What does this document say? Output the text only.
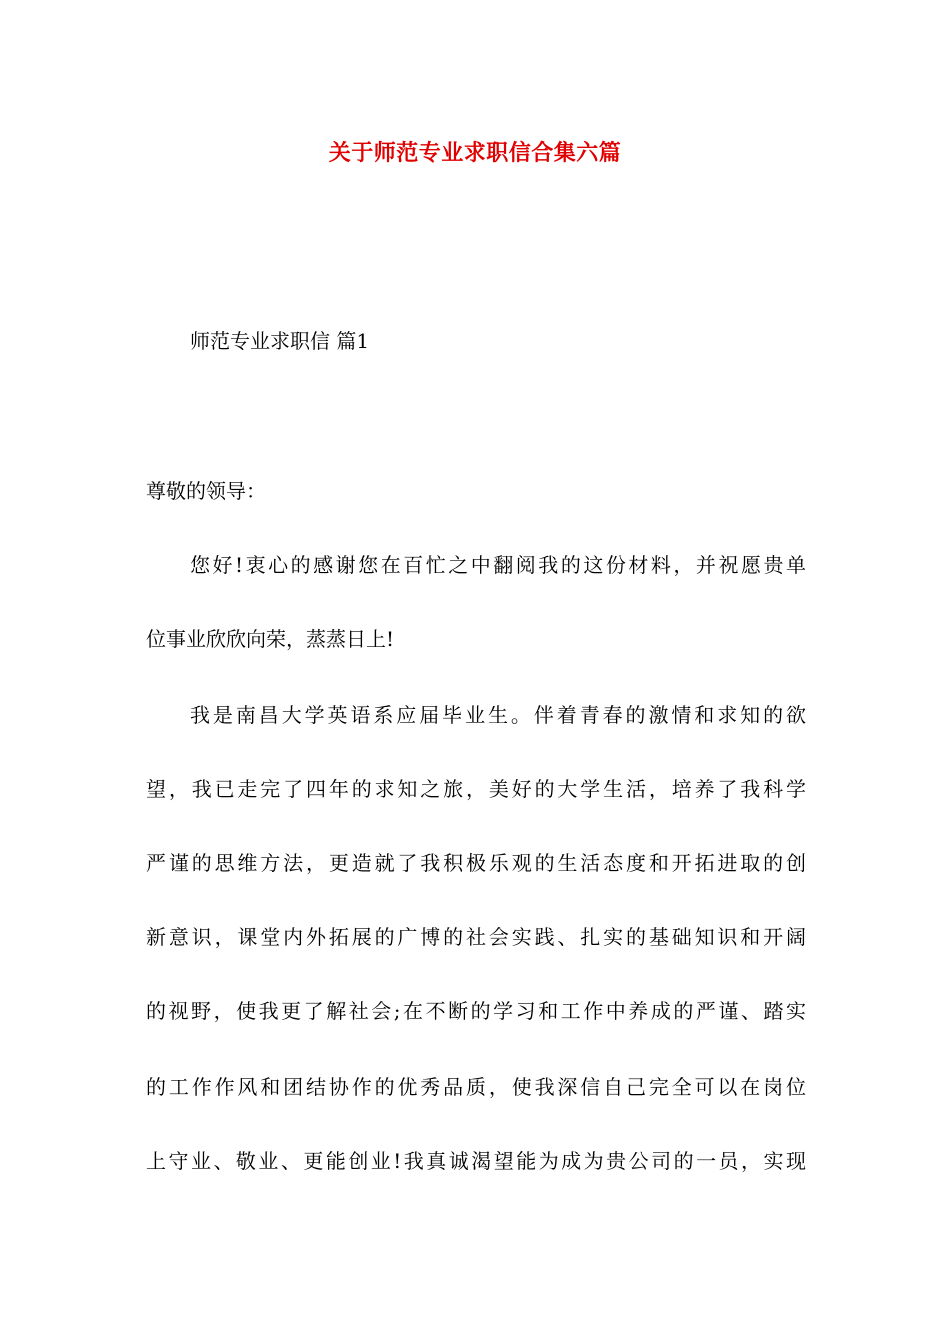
关于师范专业求职信合集六篇
师范专业求职信 篇1
尊敬的领导：
您好!衷心的感谢您在百忙之中翻阅我的这份材料，并祝愿贵单
位事业欣欣向荣，蒸蒸日上!
我是南昌大学英语系应届毕业生。伴着青春的激情和求知的欲
望，我已走完了四年的求知之旅，美好的大学生活，培养了我科学
严谨的思维方法，更造就了我积极乐观的生活态度和开拓进取的创
新意识，课堂内外拓展的广博的社会实践、扎实的基础知识和开阔
的视野，使我更了解社会;在不断的学习和工作中养成的严谨、踏实
的工作作风和团结协作的优秀品质，使我深信自己完全可以在岗位
上守业、敬业、更能创业!我真诚渴望能为成为贵公司的一员，实现
